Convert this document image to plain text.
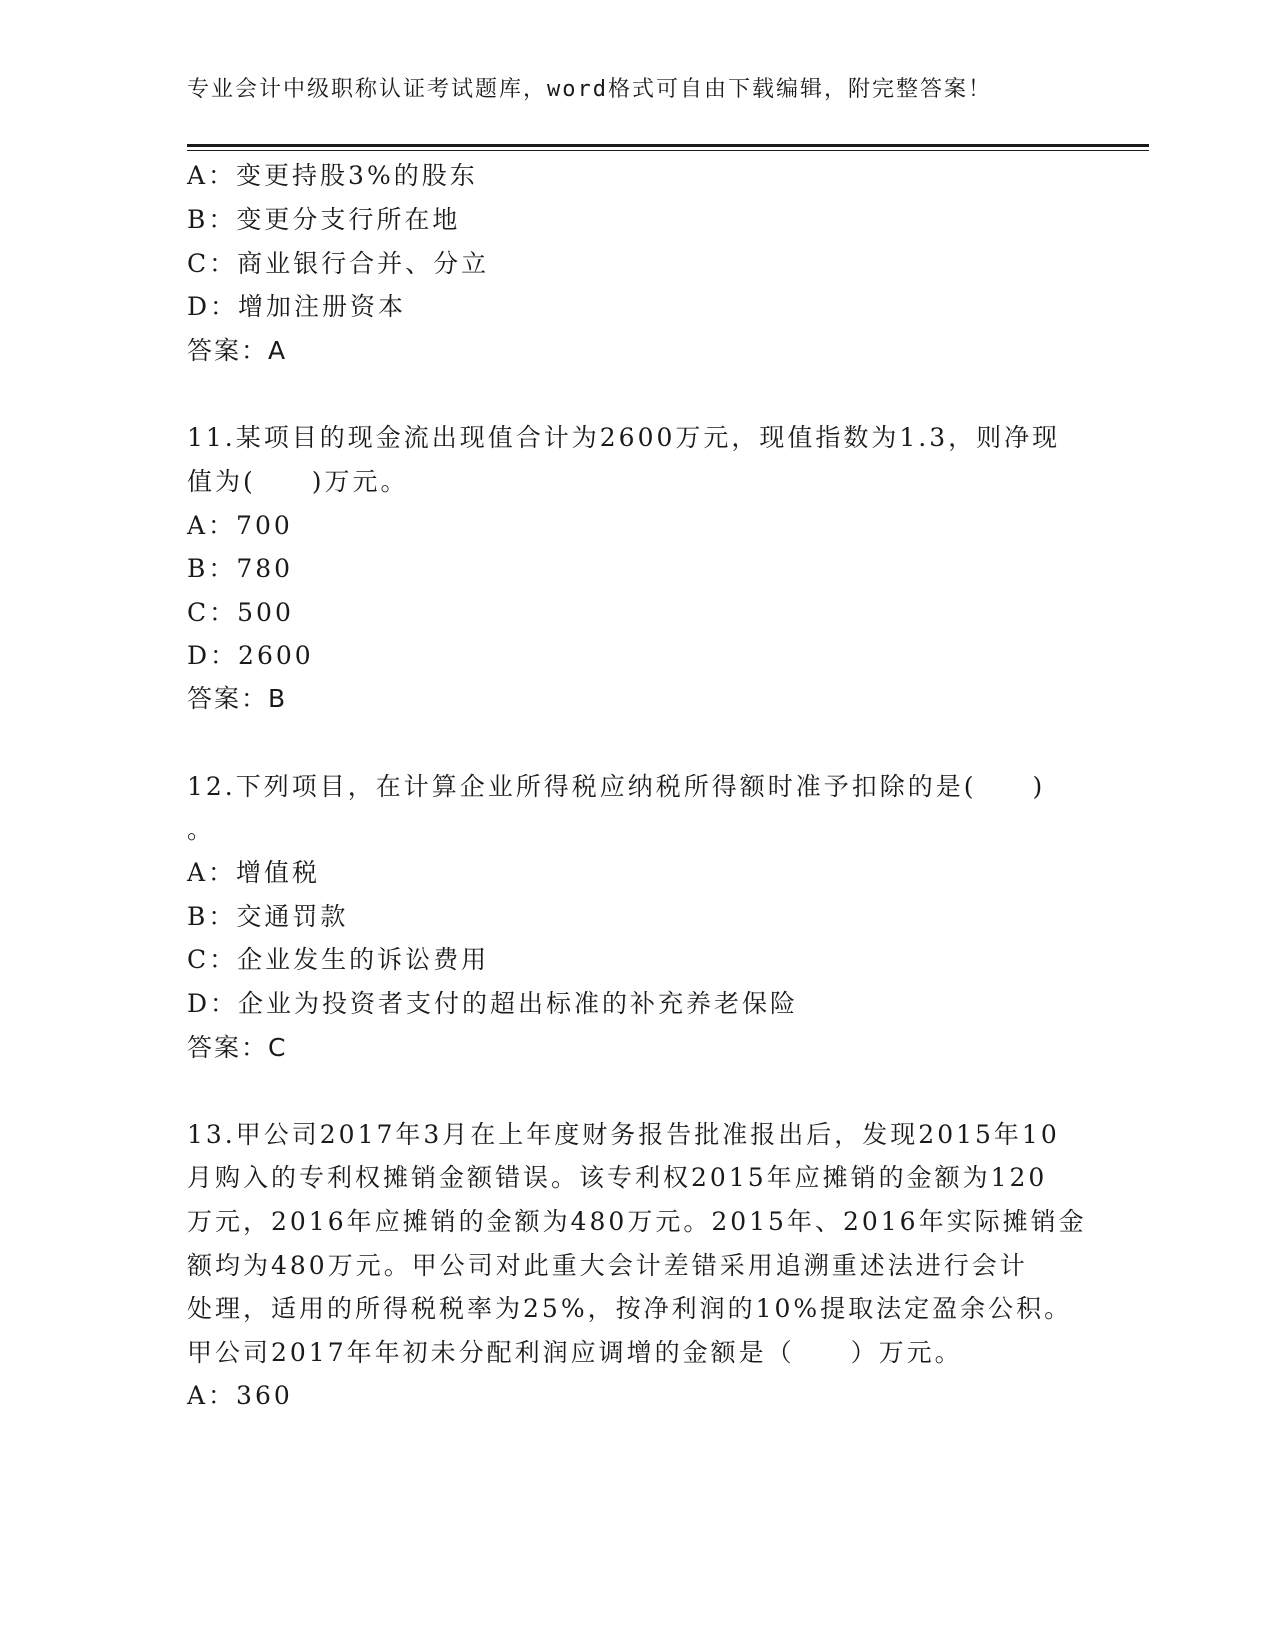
专业会计中级职称认证考试题库，word格式可自由下载编辑，附完整答案！
A：变更持股3%的股东
B：变更分支行所在地
C：商业银行合并、分立
D：增加注册资本
答案：A
11.某项目的现金流出现值合计为2600万元，现值指数为1.3，则净现
值为(　　)万元。
A：700
B：780
C：500
D：2600
答案：B
12.下列项目，在计算企业所得税应纳税所得额时准予扣除的是(　　)
。
A：增值税
B：交通罚款
C：企业发生的诉讼费用
D：企业为投资者支付的超出标准的补充养老保险
答案：C
13.甲公司2017年3月在上年度财务报告批准报出后，发现2015年10
月购入的专利权摊销金额错误。该专利权2015年应摊销的金额为120
万元，2016年应摊销的金额为480万元。2015年、2016年实际摊销金
额均为480万元。甲公司对此重大会计差错采用追溯重述法进行会计
处理，适用的所得税税率为25%，按净利润的10%提取法定盈余公积。
甲公司2017年年初未分配利润应调增的金额是（　　）万元。
A：360
